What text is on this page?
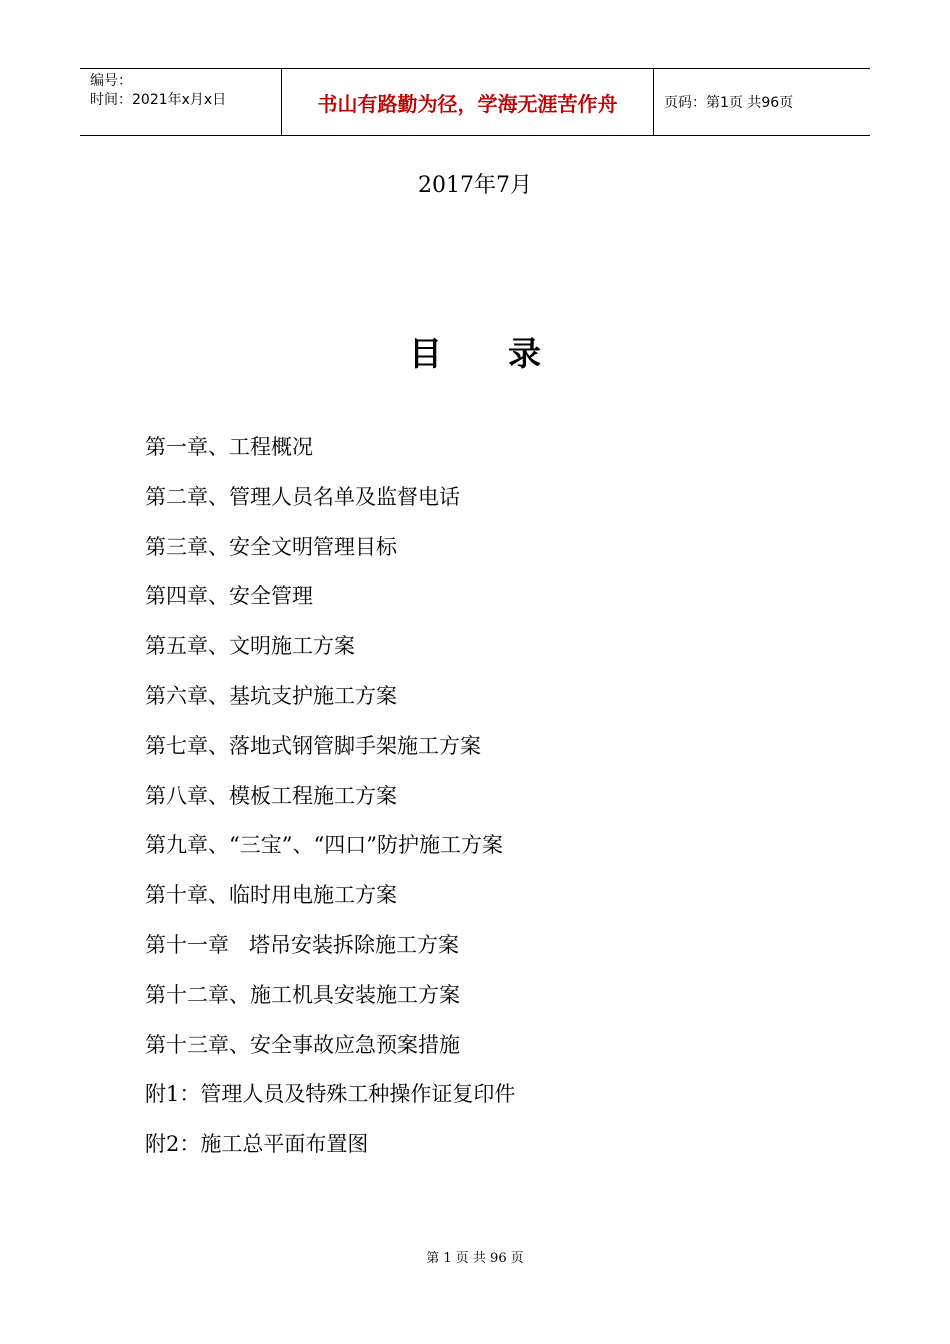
编号：
时间：2021年x月x日	书山有路勤为径，学海无涯苦作舟	页码：第1页 共96页
2017年7月
目录
第一章、工程概况
第二章、管理人员名单及监督电话
第三章、安全文明管理目标
第四章、安全管理
第五章、文明施工方案
第六章、基坑支护施工方案
第七章、落地式钢管脚手架施工方案
第八章、模板工程施工方案
第九章、“三宝”、“四口”防护施工方案
第十章、临时用电施工方案
第十一章   塔吊安装拆除施工方案
第十二章、施工机具安装施工方案
第十三章、安全事故应急预案措施
附1：管理人员及特殊工种操作证复印件
附2：施工总平面布置图
第 1 页 共 96 页
